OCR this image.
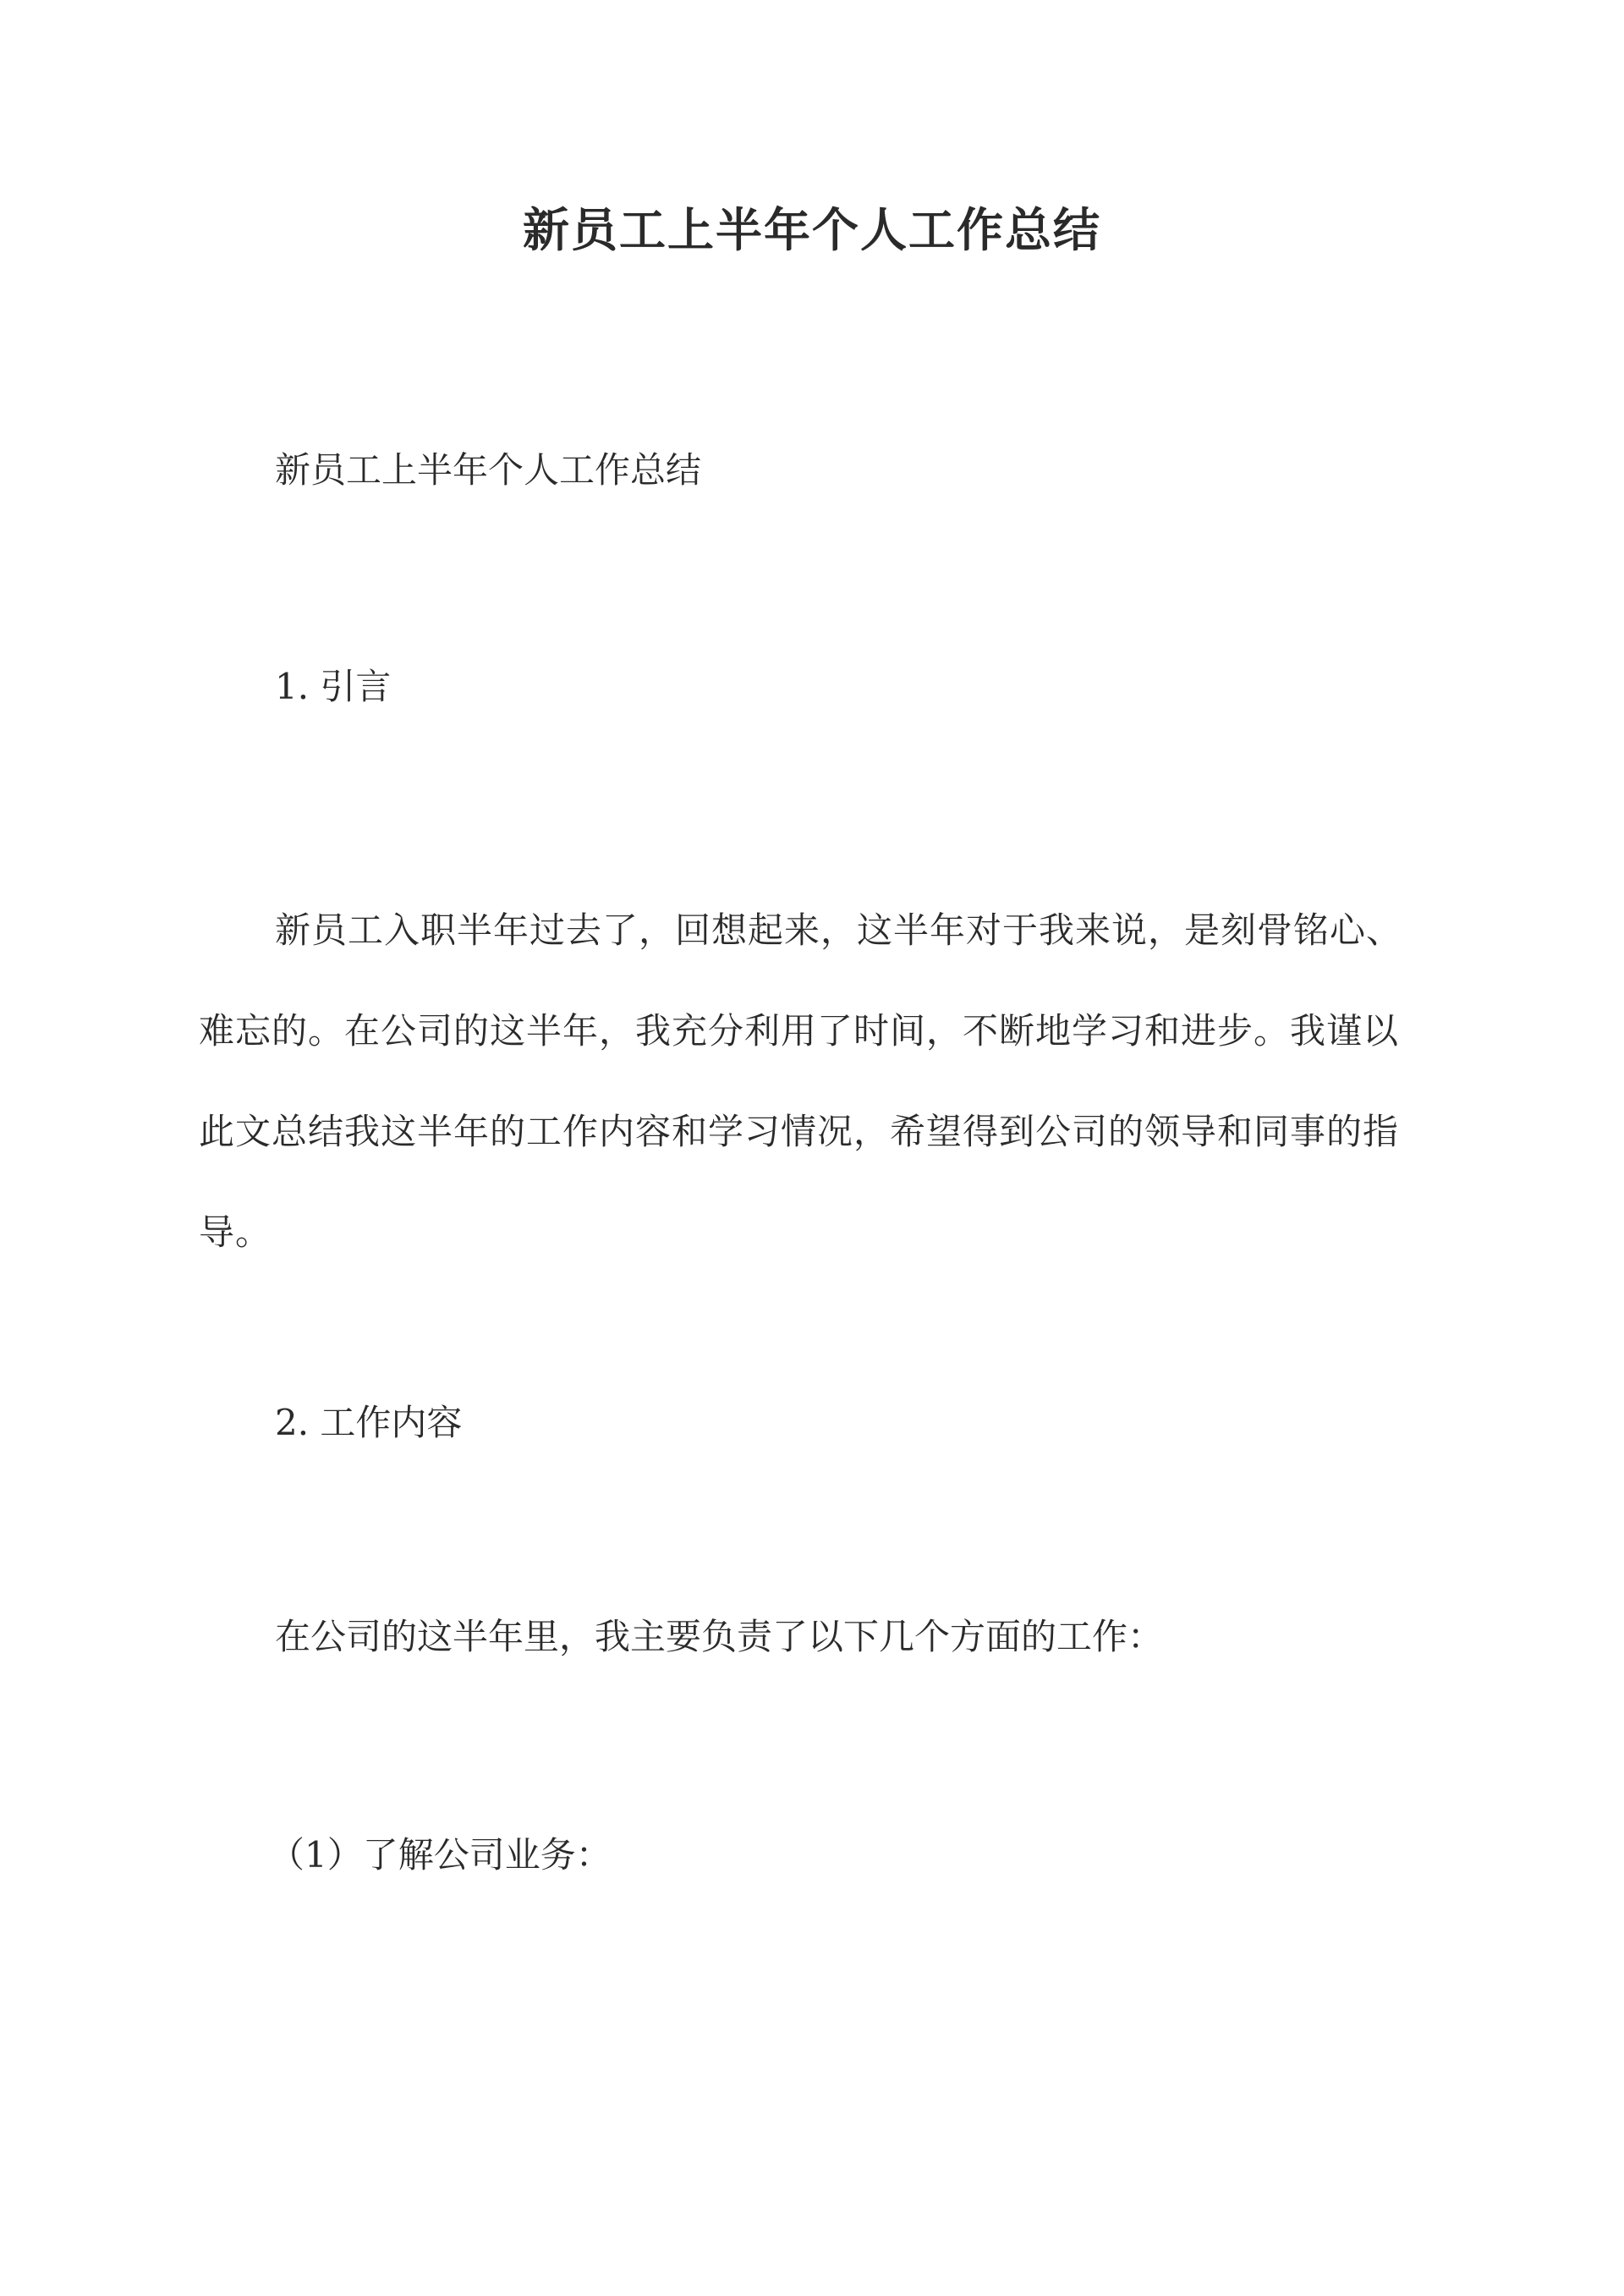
新员工上半年个人工作总结

新员工上半年个人工作总结

1. 引言

新员工入职半年过去了，回想起来，这半年对于我来说，是刻骨铭心、难忘的。在公司的这半年，我充分利用了时间，不断地学习和进步。我谨以此文总结我这半年的工作内容和学习情况，希望得到公司的领导和同事的指导。

2. 工作内容

在公司的这半年里，我主要负责了以下几个方面的工作：

（1）了解公司业务：
